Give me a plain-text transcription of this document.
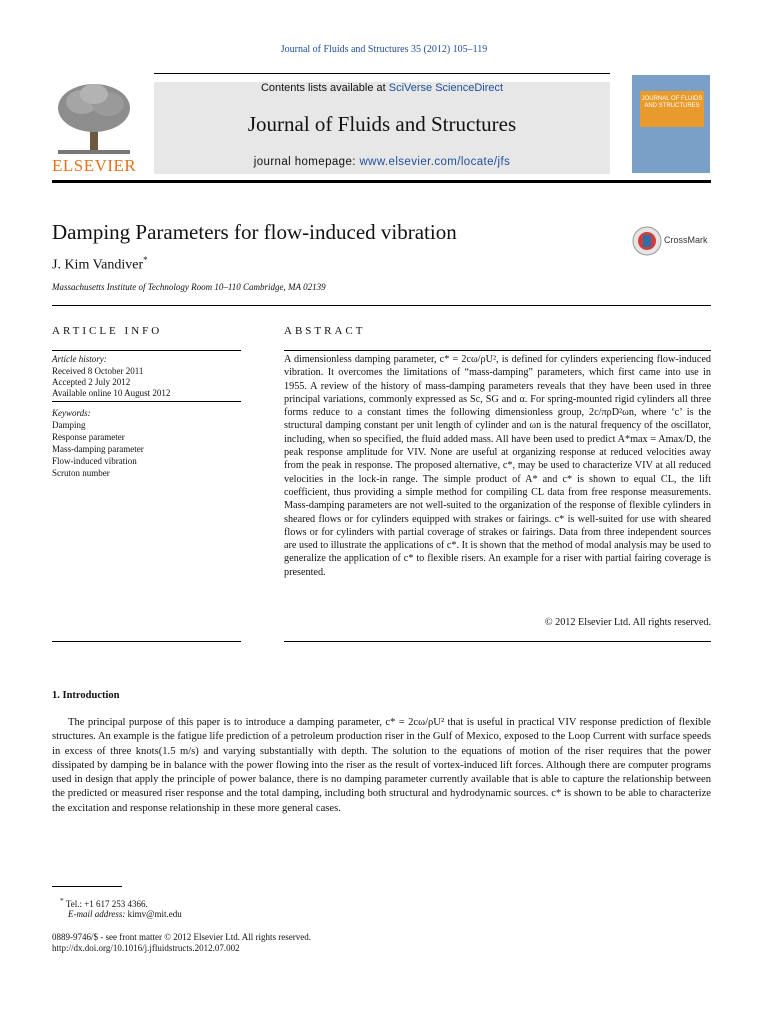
Journal of Fluids and Structures 35 (2012) 105–119
ELSEVIER
Contents lists available at SciVerse ScienceDirect
Journal of Fluids and Structures
journal homepage: www.elsevier.com/locate/jfs
JOURNAL OF FLUIDS AND STRUCTURES
Damping Parameters for flow-induced vibration	CrossMark
J. Kim Vandiver*
Massachusetts Institute of Technology Room 10–110 Cambridge, MA 02139
ARTICLE INFO
Article history:
Received 8 October 2011
Accepted 2 July 2012
Available online 10 August 2012
Keywords:
Damping
Response parameter
Mass-damping parameter
Flow-induced vibration
Scruton number
ABSTRACT
A dimensionless damping parameter, c* = 2cω/ρU², is defined for cylinders experiencing flow-induced vibration. It overcomes the limitations of “mass-damping” parameters, which first came into use in 1955. A review of the history of mass-damping parameters reveals that they have been used in three principal variations, commonly expressed as Sc, SG and α. For spring-mounted rigid cylinders all three forms reduce to a constant times the following dimensionless group, 2c/πρD²ωn, where ‘c’ is the structural damping constant per unit length of cylinder and ωn is the natural frequency of the oscillator, including, when so specified, the fluid added mass. All have been used to predict A*max = Amax/D, the peak response amplitude for VIV. None are useful at organizing response at reduced velocities away from the peak in response. The proposed alternative, c*, may be used to characterize VIV at all reduced velocities in the lock-in range. The simple product of A* and c* is shown to equal CL, the lift coefficient, thus providing a simple method for compiling CL data from free response measurements. Mass-damping parameters are not well-suited to the organization of the response of flexible cylinders in sheared flows or for cylinders equipped with strakes or fairings. c* is well-suited for use with sheared flows or for cylinders with partial coverage of strakes or fairings. Data from three independent sources are used to illustrate the applications of c*. It is shown that the method of modal analysis may be used to generalize the application of c* to flexible risers. An example for a riser with partial fairing coverage is presented.
© 2012 Elsevier Ltd. All rights reserved.
1. Introduction
The principal purpose of this paper is to introduce a damping parameter, c* = 2cω/ρU² that is useful in practical VIV response prediction of flexible structures. An example is the fatigue life prediction of a petroleum production riser in the Gulf of Mexico, exposed to the Loop Current with surface speeds in excess of three knots(1.5 m/s) and varying substantially with depth. The solution to the equations of motion of the riser requires that the power dissipated by damping be in balance with the power flowing into the riser as the result of vortex-induced lift forces. Although there are computer programs used in design that apply the principle of power balance, there is no damping parameter currently available that is able to capture the relationship between the predicted or measured riser response and the total damping, including both structural and hydrodynamic sources. c* is shown to be able to characterize the excitation and response relationship in these more general cases.
* Tel.: +1 617 253 4366.
E-mail address: kimv@mit.edu
0889-9746/$ - see front matter © 2012 Elsevier Ltd. All rights reserved.
http://dx.doi.org/10.1016/j.jfluidstructs.2012.07.002
